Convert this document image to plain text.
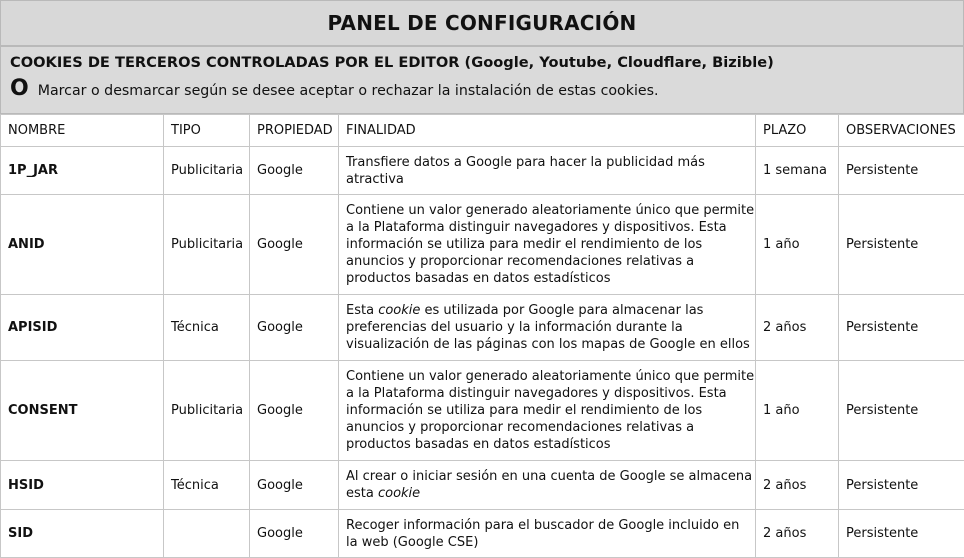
PANEL DE CONFIGURACIÓN
COOKIES DE TERCEROS CONTROLADAS POR EL EDITOR (Google, Youtube, Cloudflare, Bizible)
O Marcar o desmarcar según se desee aceptar o rechazar la instalación de estas cookies.
NOMBRE	TIPO	PROPIEDAD	FINALIDAD	PLAZO	OBSERVACIONES
1P_JAR	Publicitaria	Google	Transfiere datos a Google para hacer la publicidad más atractiva	1 semana	Persistente
ANID	Publicitaria	Google	Contiene un valor generado aleatoriamente único que permite a la Plataforma distinguir navegadores y dispositivos. Esta información se utiliza para medir el rendimiento de los anuncios y proporcionar recomendaciones relativas a productos basadas en datos estadísticos	1 año	Persistente
APISID	Técnica	Google	Esta cookie es utilizada por Google para almacenar las preferencias del usuario y la información durante la visualización de las páginas con los mapas de Google en ellos	2 años	Persistente
CONSENT	Publicitaria	Google	Contiene un valor generado aleatoriamente único que permite a la Plataforma distinguir navegadores y dispositivos. Esta información se utiliza para medir el rendimiento de los anuncios y proporcionar recomendaciones relativas a productos basadas en datos estadísticos	1 año	Persistente
HSID	Técnica	Google	Al crear o iniciar sesión en una cuenta de Google se almacena esta cookie	2 años	Persistente
SID		Google	Recoger información para el buscador de Google incluido en la web (Google CSE)	2 años	Persistente
